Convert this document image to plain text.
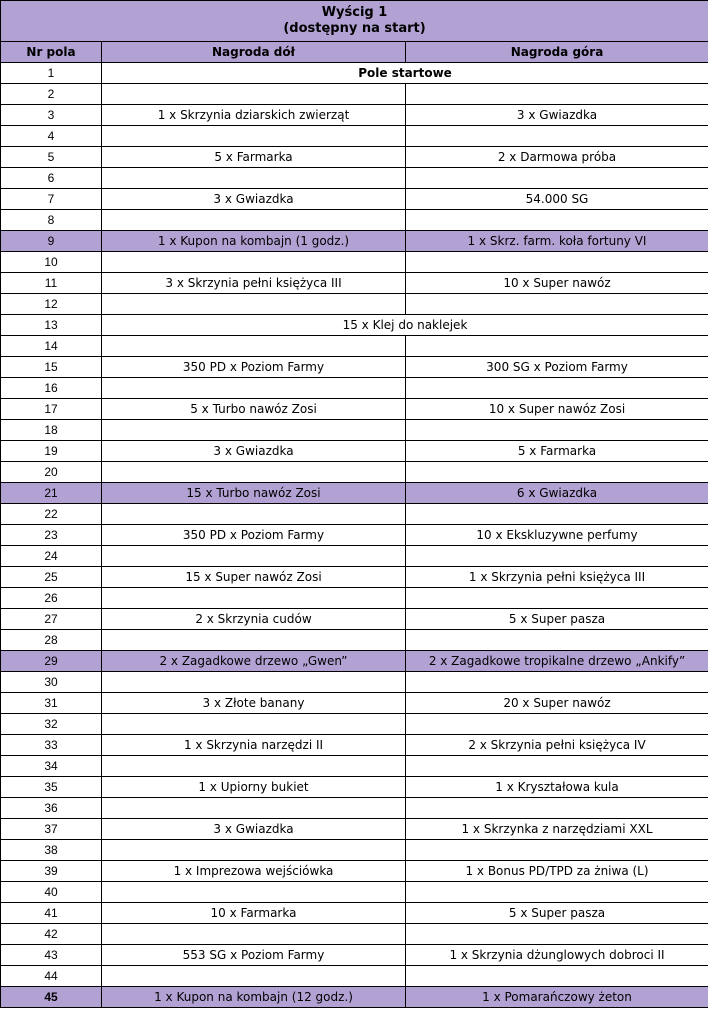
Wyścig 1
(dostępny na start)		
Nr pola	Nagroda dół	Nagroda góra
1	Pole startowe	
2		
3	1 x Skrzynia dziarskich zwierząt	3 x Gwiazdka
4		
5	5 x Farmarka	2 x Darmowa próba
6		
7	3 x Gwiazdka	54.000 SG
8		
9	1 x Kupon na kombajn (1 godz.)	1 x Skrz. farm. koła fortuny VI
10		
11	3 x Skrzynia pełni księżyca III	10 x Super nawóz
12		
13	15 x Klej do naklejek	
14		
15	350 PD x Poziom Farmy	300 SG x Poziom Farmy
16		
17	5 x Turbo nawóz Zosi	10 x Super nawóz Zosi
18		
19	3 x Gwiazdka	5 x Farmarka
20		
21	15 x Turbo nawóz Zosi	6 x Gwiazdka
22		
23	350 PD x Poziom Farmy	10 x Ekskluzywne perfumy
24		
25	15 x Super nawóz Zosi	1 x Skrzynia pełni księżyca III
26		
27	2 x Skrzynia cudów	5 x Super pasza
28		
29	2 x Zagadkowe drzewo „Gwen”	2 x Zagadkowe tropikalne drzewo „Ankify”
30		
31	3 x Złote banany	20 x Super nawóz
32		
33	1 x Skrzynia narzędzi II	2 x Skrzynia pełni księżyca IV
34		
35	1 x Upiorny bukiet	1 x Kryształowa kula
36		
37	3 x Gwiazdka	1 x Skrzynka z narzędziami XXL
38		
39	1 x Imprezowa wejściówka	1 x Bonus PD/TPD za żniwa (L)
40		
41	10 x Farmarka	5 x Super pasza
42		
43	553 SG x Poziom Farmy	1 x Skrzynia dżunglowych dobroci II
44		
45	1 x Kupon na kombajn (12 godz.)	1 x Pomarańczowy żeton
